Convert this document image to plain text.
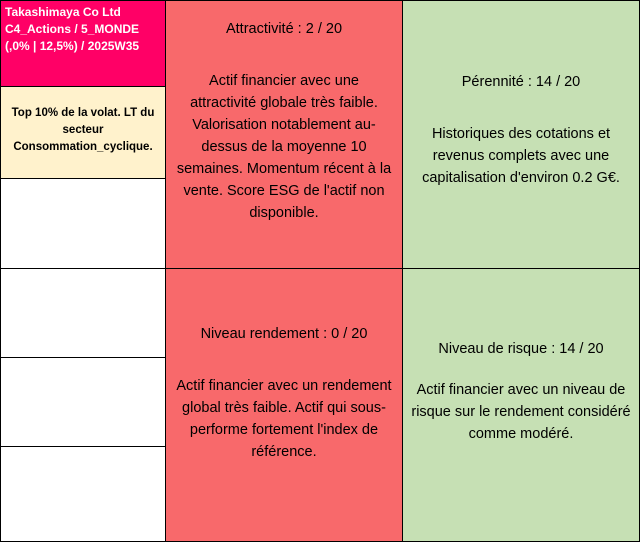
Takashimaya Co Ltd
C4_Actions / 5_MONDE
(,0% | 12,5%) / 2025W35
Top 10% de la volat. LT du secteur Consommation_cyclique.
Attractivité : 2 / 20
Actif financier avec une attractivité globale très faible. Valorisation notablement au-dessus de la moyenne 10 semaines. Momentum récent à la vente. Score ESG de l'actif non disponible.
Pérennité : 14 / 20
Historiques des cotations et revenus complets avec une capitalisation d'environ 0.2 G€.
Niveau rendement : 0 / 20
Actif financier avec un rendement global très faible. Actif qui sous-performe fortement l'index de référence.
Niveau de risque : 14 / 20
Actif financier avec un niveau de risque sur le rendement considéré comme modéré.
